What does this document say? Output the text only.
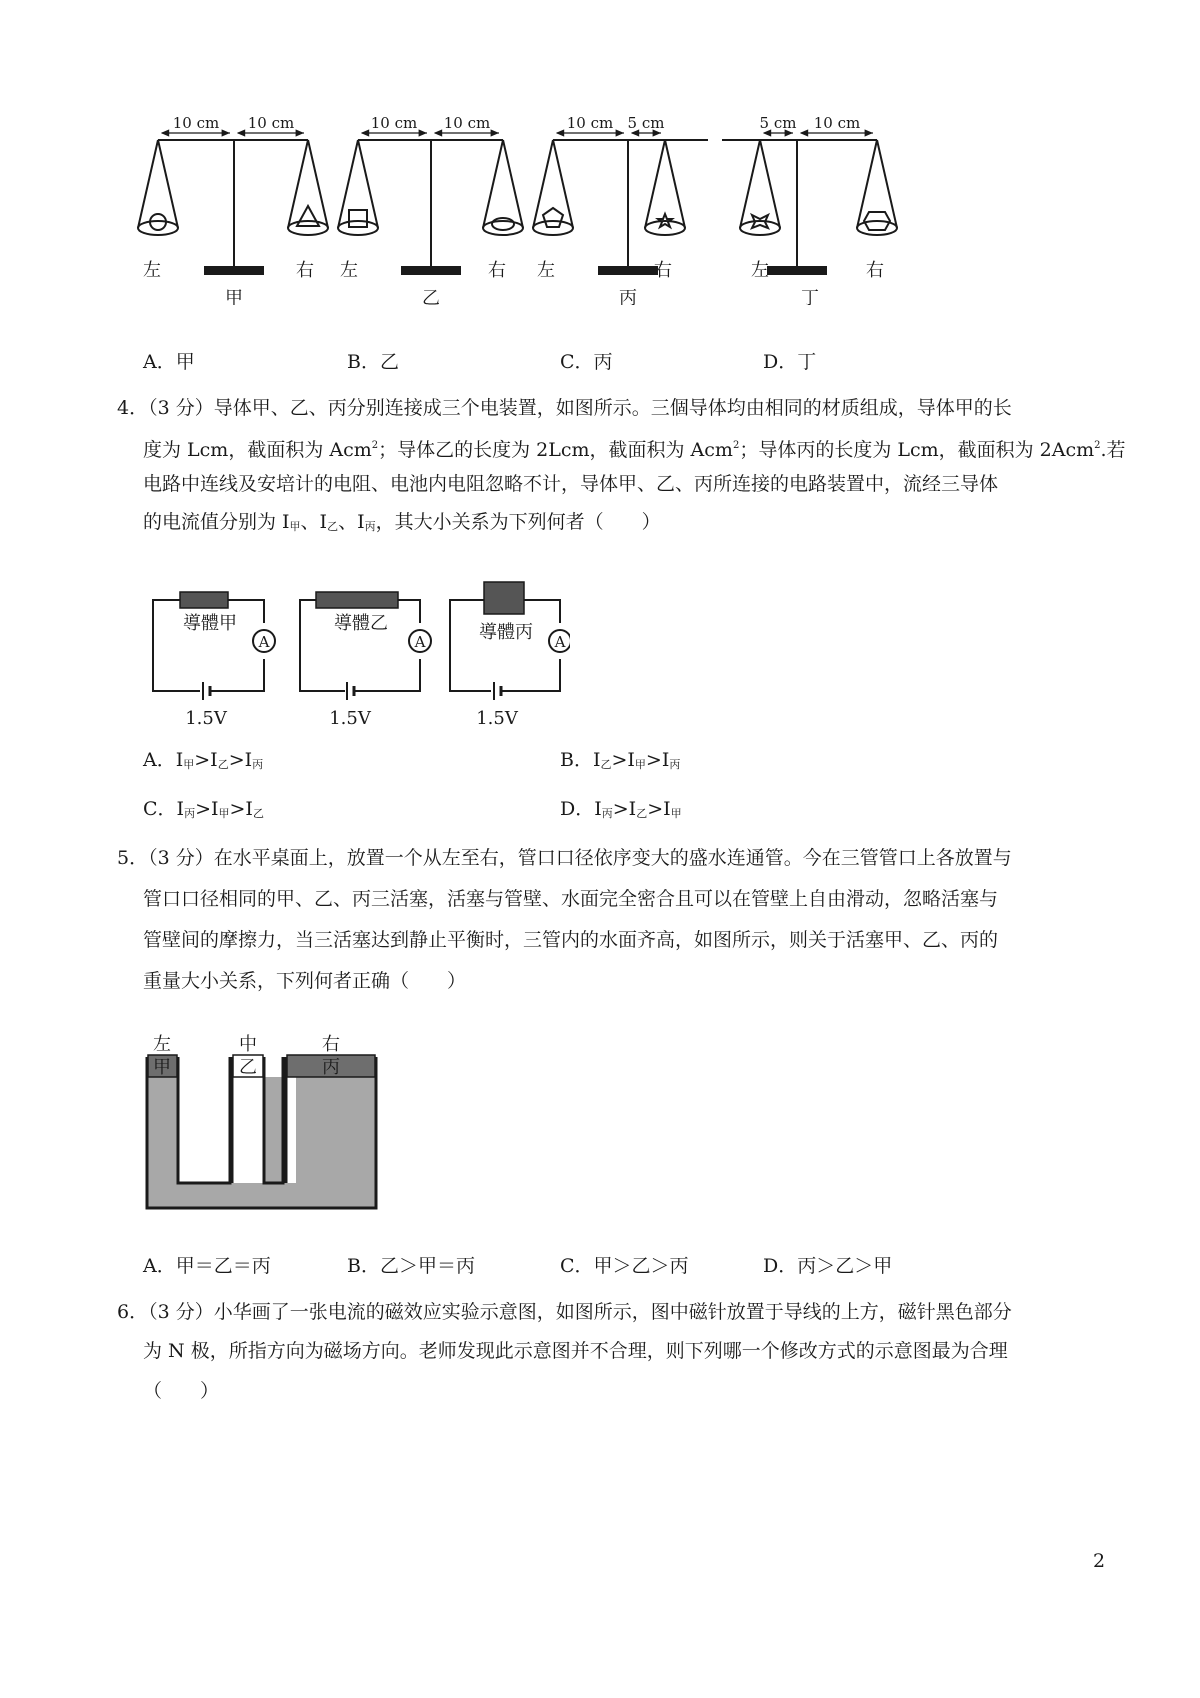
10 cm 10 cm	10 cm 10 cm	10 cm 5 cm	5 cm 10 cm
左	右 左	右 左	右	左	右
甲	乙	丙	丁
A．甲	B．乙	C．丙	D．丁
4．（3 分）导体甲、乙、丙分别连接成三个电装置，如图所示。三個导体均由相同的材质组成，导体甲的长
度为 Lcm，截面积为 Acm$^2$；导体乙的长度为 2Lcm，截面积为 Acm$^2$；导体丙的长度为 Lcm，截面积为 2Acm$^2$.若
电路中连线及安培计的电阻、电池内电阻忽略不计，导体甲、乙、丙所连接的电路装置中，流经三导体
的电流值分别为 $I_甲$、$I_乙$、$I_丙$，其大小关系为下列何者（　　）
A	A	A
導體甲	導體乙	導體丙
1.5V	1.5V	1.5V
A．$I_甲>I_乙>I_丙$	B．$I_乙>I_甲>I_丙$
C．$I_丙>I_甲>I_乙$	D．$I_丙>I_乙>I_甲$
5．（3 分）在水平桌面上，放置一个从左至右，管口口径依序变大的盛水连通管。今在三管管口上各放置与
管口口径相同的甲、乙、丙三活塞，活塞与管壁、水面完全密合且可以在管壁上自由滑动，忽略活塞与
管壁间的摩擦力，当三活塞达到静止平衡时，三管内的水面齐高，如图所示，则关于活塞甲、乙、丙的
重量大小关系，下列何者正确（　　）
左	中	右
甲	乙	丙
A．甲＝乙＝丙	B．乙＞甲＝丙	C．甲＞乙＞丙	D．丙＞乙＞甲
6．（3 分）小华画了一张电流的磁效应实验示意图，如图所示，图中磁针放置于导线的上方，磁针黑色部分
为 N 极，所指方向为磁场方向。老师发现此示意图并不合理，则下列哪一个修改方式的示意图最为合理
（　　）
2
